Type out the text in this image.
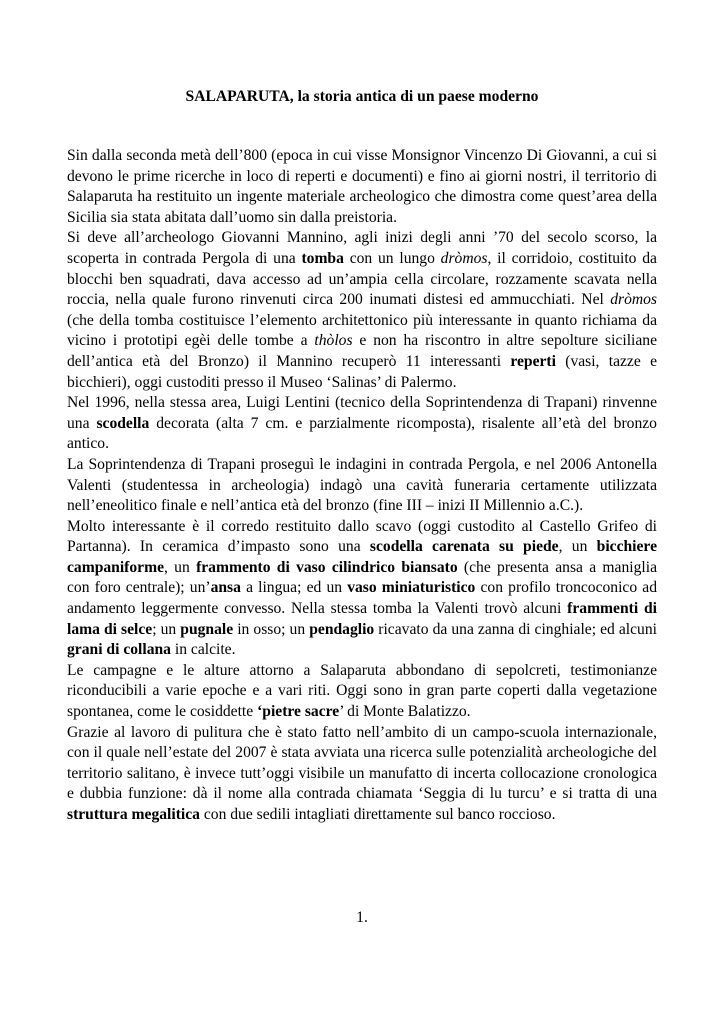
SALAPARUTA, la storia antica di un paese moderno

Sin dalla seconda metà dell’800 (epoca in cui visse Monsignor Vincenzo Di Giovanni, a cui si devono le prime ricerche in loco di reperti e documenti) e fino ai giorni nostri, il territorio di Salaparuta ha restituito un ingente materiale archeologico che dimostra come quest’area della Sicilia sia stata abitata dall’uomo sin dalla preistoria.

Si deve all’archeologo Giovanni Mannino, agli inizi degli anni ’70 del secolo scorso, la scoperta in contrada Pergola di una tomba con un lungo dròmos, il corridoio, costituito da blocchi ben squadrati, dava accesso ad un’ampia cella circolare, rozzamente scavata nella roccia, nella quale furono rinvenuti circa 200 inumati distesi ed ammucchiati. Nel dròmos (che della tomba costituisce l’elemento architettonico più interessante in quanto richiama da vicino i prototipi egèi delle tombe a thòlos e non ha riscontro in altre sepolture siciliane dell’antica età del Bronzo) il Mannino recuperò 11 interessanti reperti (vasi, tazze e bicchieri), oggi custoditi presso il Museo ‘Salinas’ di Palermo.

Nel 1996, nella stessa area, Luigi Lentini (tecnico della Soprintendenza di Trapani) rinvenne una scodella decorata (alta 7 cm. e parzialmente ricomposta), risalente all’età del bronzo antico.

La Soprintendenza di Trapani proseguì le indagini in contrada Pergola, e nel 2006 Antonella Valenti (studentessa in archeologia) indagò una cavità funeraria certamente utilizzata nell’eneolitico finale e nell’antica età del bronzo (fine III – inizi II Millennio a.C.).

Molto interessante è il corredo restituito dallo scavo (oggi custodito al Castello Grifeo di Partanna). In ceramica d’impasto sono una scodella carenata su piede, un bicchiere campaniforme, un frammento di vaso cilindrico biansato (che presenta ansa a maniglia con foro centrale); un’ansa a lingua; ed un vaso miniaturistico con profilo troncoconico ad andamento leggermente convesso. Nella stessa tomba la Valenti trovò alcuni frammenti di lama di selce; un pugnale in osso; un pendaglio ricavato da una zanna di cinghiale; ed alcuni grani di collana in calcite.

Le campagne e le alture attorno a Salaparuta abbondano di sepolcreti, testimonianze riconducibili a varie epoche e a vari riti. Oggi sono in gran parte coperti dalla vegetazione spontanea, come le cosiddette ‘pietre sacre’ di Monte Balatizzo.

Grazie al lavoro di pulitura che è stato fatto nell’ambito di un campo-scuola internazionale, con il quale nell’estate del 2007 è stata avviata una ricerca sulle potenzialità archeologiche del territorio salitano, è invece tutt’oggi visibile un manufatto di incerta collocazione cronologica e dubbia funzione: dà il nome alla contrada chiamata ‘Seggia di lu turcu’ e si tratta di una struttura megalitica con due sedili intagliati direttamente sul banco roccioso.

1.
